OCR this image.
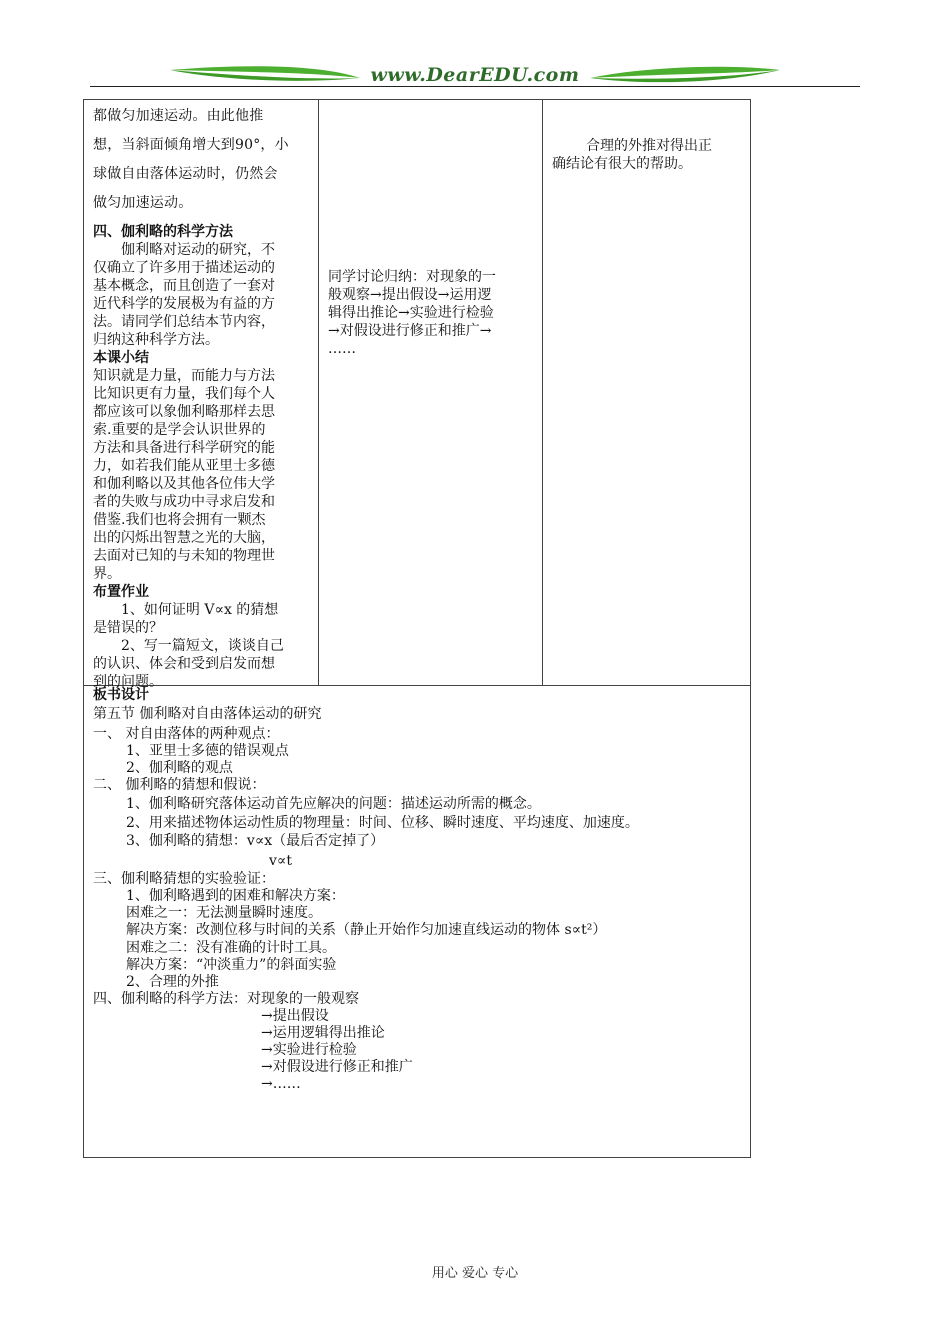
www.DearEDU.com
都做匀加速运动。由此他推
想，当斜面倾角增大到90°，小
球做自由落体运动时，仍然会
做匀加速运动。
四、伽利略的科学方法
伽利略对运动的研究，不
仅确立了许多用于描述运动的
基本概念，而且创造了一套对
近代科学的发展极为有益的方
法。请同学们总结本节内容，
归纳这种科学方法。
本课小结
知识就是力量，而能力与方法
比知识更有力量，我们每个人
都应该可以象伽利略那样去思
索.重要的是学会认识世界的
方法和具备进行科学研究的能
力，如若我们能从亚里士多德
和伽利略以及其他各位伟大学
者的失败与成功中寻求启发和
借鉴.我们也将会拥有一颗杰
出的闪烁出智慧之光的大脑，
去面对已知的与未知的物理世
界。
布置作业
1、如何证明 V∝x 的猜想
是错误的？
2、写一篇短文，谈谈自己
的认识、体会和受到启发而想
到的问题。
同学讨论归纳：对现象的一
般观察→提出假设→运用逻
辑得出推论→实验进行检验
→对假设进行修正和推广→
……
合理的外推对得出正
确结论有很大的帮助。
板书设计
第五节 伽利略对自由落体运动的研究
一、 对自由落体的两种观点：
1、亚里士多德的错误观点
2、伽利略的观点
二、 伽利略的猜想和假说：
1、伽利略研究落体运动首先应解决的问题：描述运动所需的概念。
2、用来描述物体运动性质的物理量：时间、位移、瞬时速度、平均速度、加速度。
3、伽利略的猜想：v∝x（最后否定掉了）
v∝t
三、伽利略猜想的实验验证：
1、伽利略遇到的困难和解决方案：
困难之一：无法测量瞬时速度。
解决方案：改测位移与时间的关系（静止开始作匀加速直线运动的物体 s∝t²）
困难之二：没有准确的计时工具。
解决方案：“冲淡重力”的斜面实验
2、合理的外推
四、伽利略的科学方法：对现象的一般观察
→提出假设
→运用逻辑得出推论
→实验进行检验
→对假设进行修正和推广
→……
用心 爱心 专心
